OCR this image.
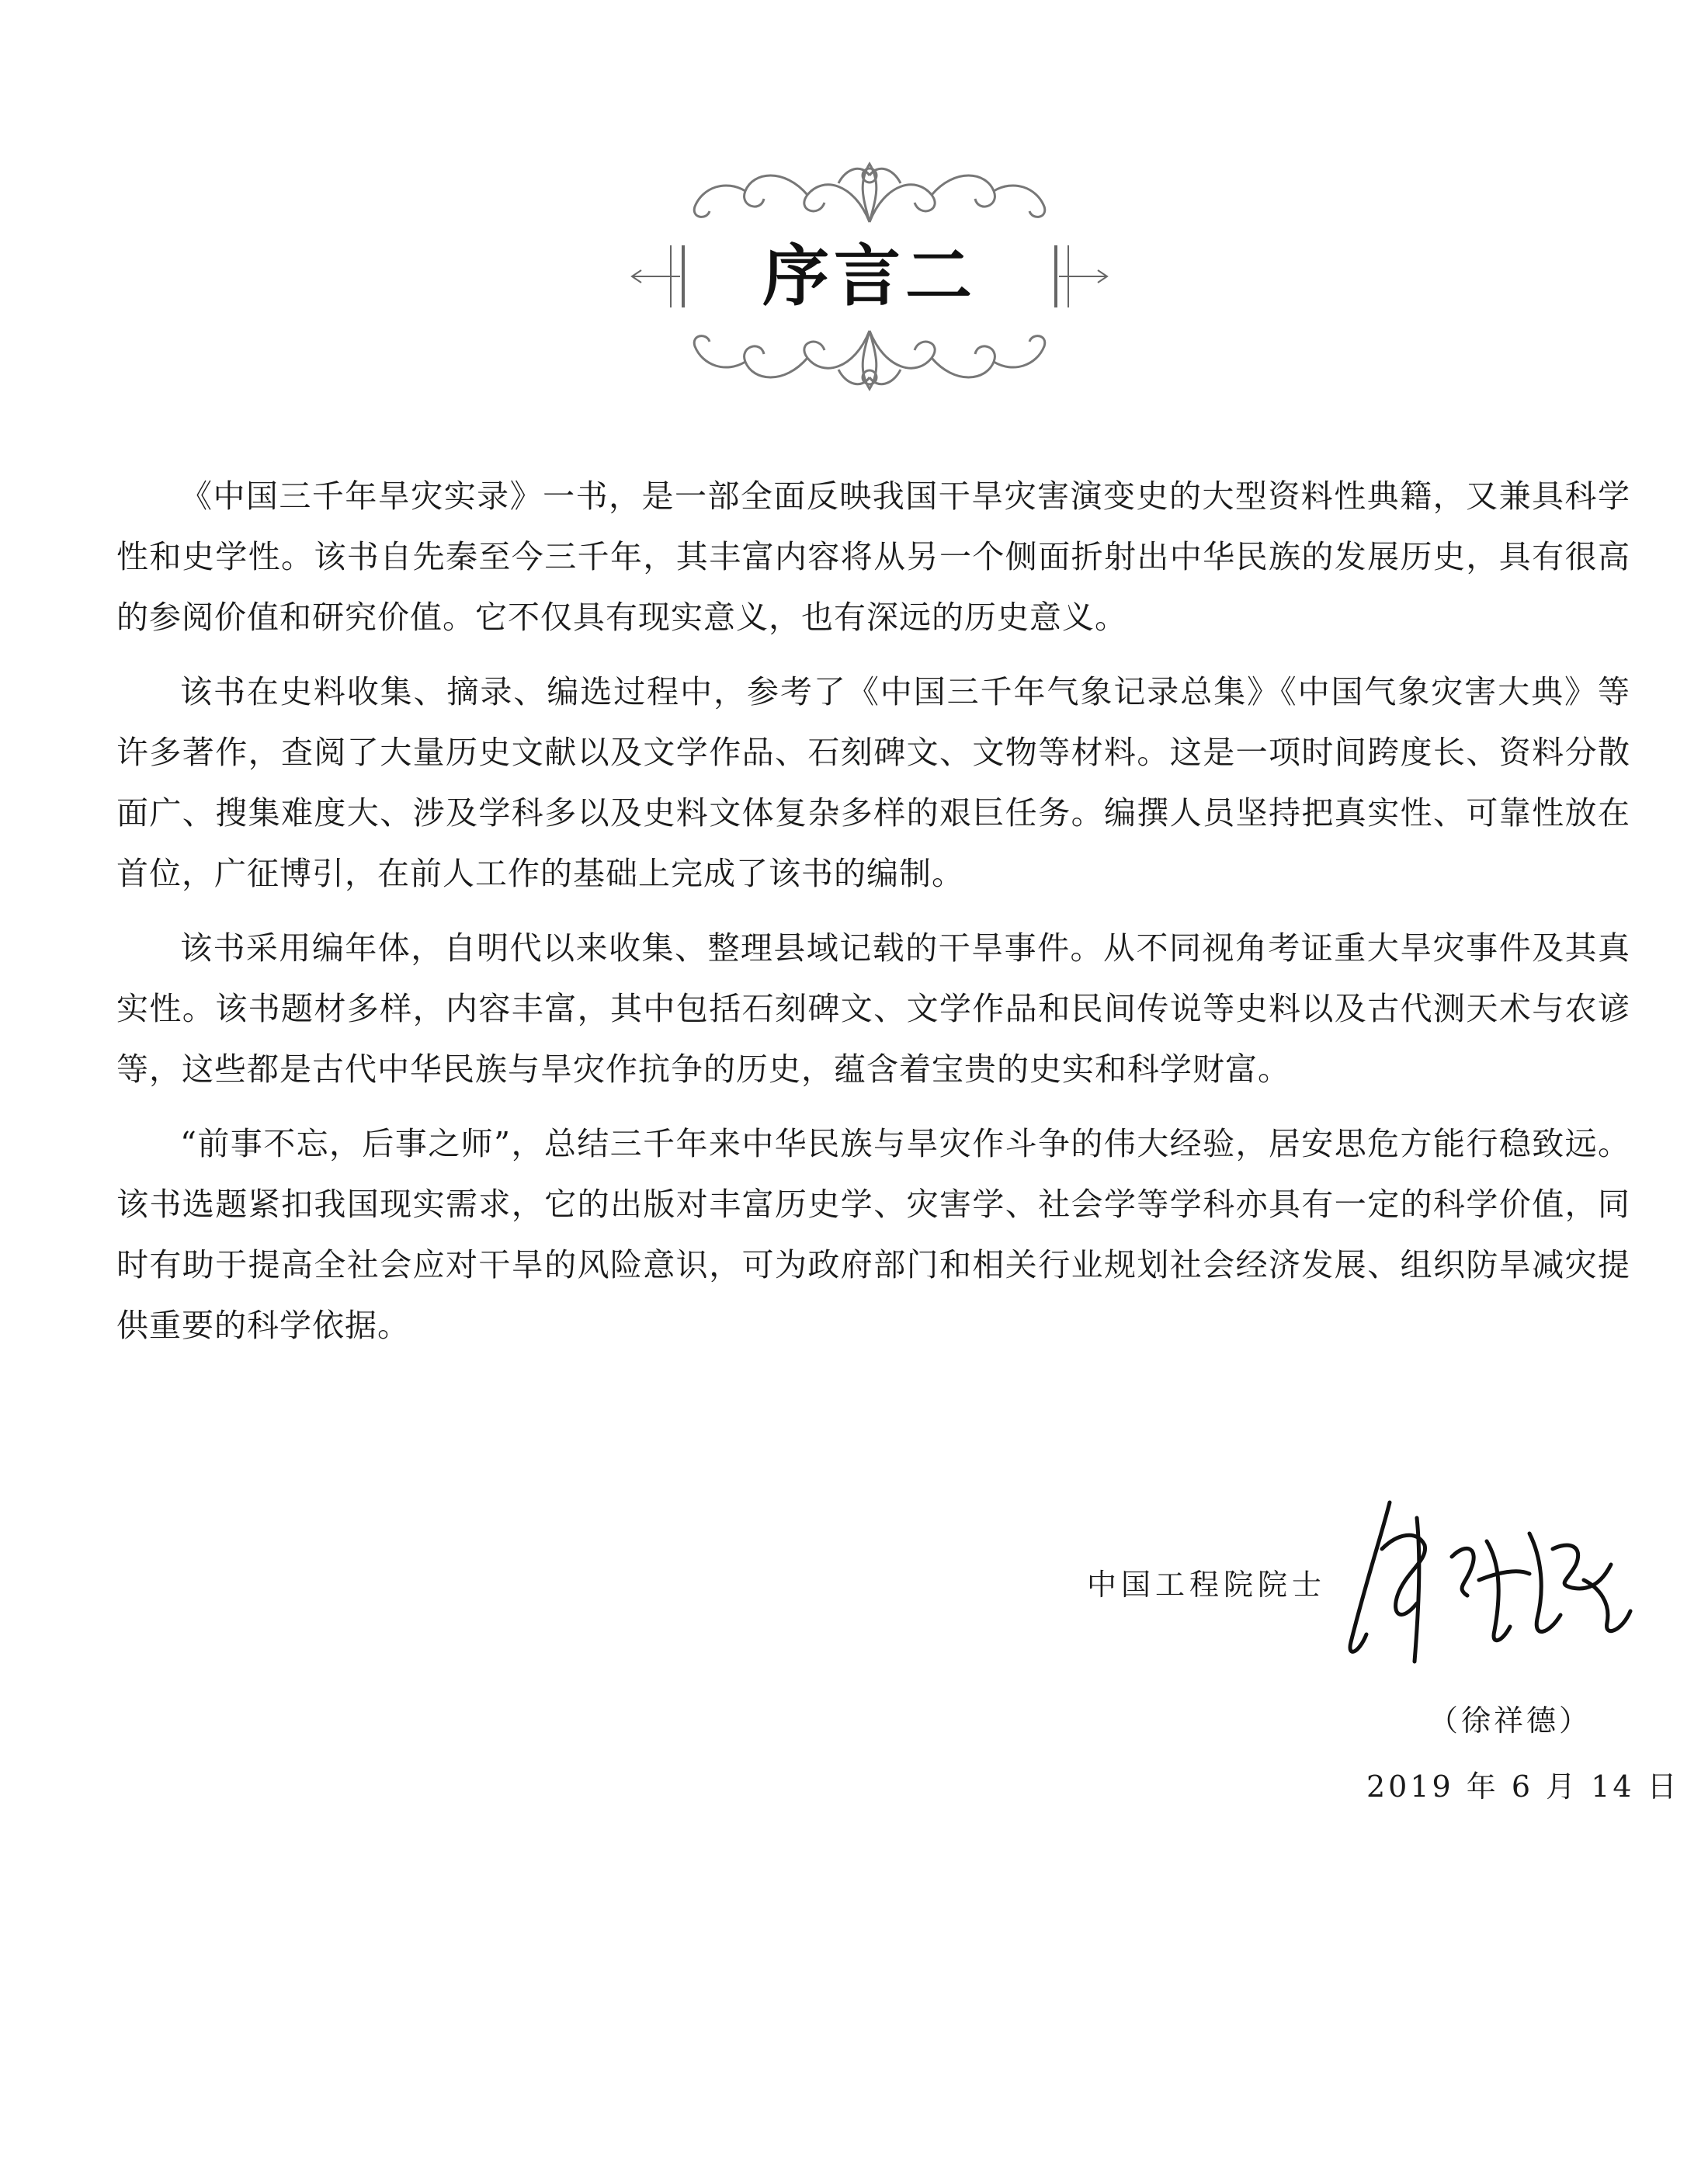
序言二

《中国三千年旱灾实录》一书，是一部全面反映我国干旱灾害演变史的大型资料性典籍，又兼具科学性和史学性。该书自先秦至今三千年，其丰富内容将从另一个侧面折射出中华民族的发展历史，具有很高的参阅价值和研究价值。它不仅具有现实意义，也有深远的历史意义。

该书在史料收集、摘录、编选过程中，参考了《中国三千年气象记录总集》《中国气象灾害大典》等许多著作，查阅了大量历史文献以及文学作品、石刻碑文、文物等材料。这是一项时间跨度长、资料分散面广、搜集难度大、涉及学科多以及史料文体复杂多样的艰巨任务。编撰人员坚持把真实性、可靠性放在首位，广征博引，在前人工作的基础上完成了该书的编制。

该书采用编年体，自明代以来收集、整理县域记载的干旱事件。从不同视角考证重大旱灾事件及其真实性。该书题材多样，内容丰富，其中包括石刻碑文、文学作品和民间传说等史料以及古代测天术与农谚等，这些都是古代中华民族与旱灾作抗争的历史，蕴含着宝贵的史实和科学财富。

“前事不忘，后事之师”，总结三千年来中华民族与旱灾作斗争的伟大经验，居安思危方能行稳致远。该书选题紧扣我国现实需求，它的出版对丰富历史学、灾害学、社会学等学科亦具有一定的科学价值，同时有助于提高全社会应对干旱的风险意识，可为政府部门和相关行业规划社会经济发展、组织防旱减灾提供重要的科学依据。

中国工程院院士
（徐祥德）
2019 年 6 月 14 日
